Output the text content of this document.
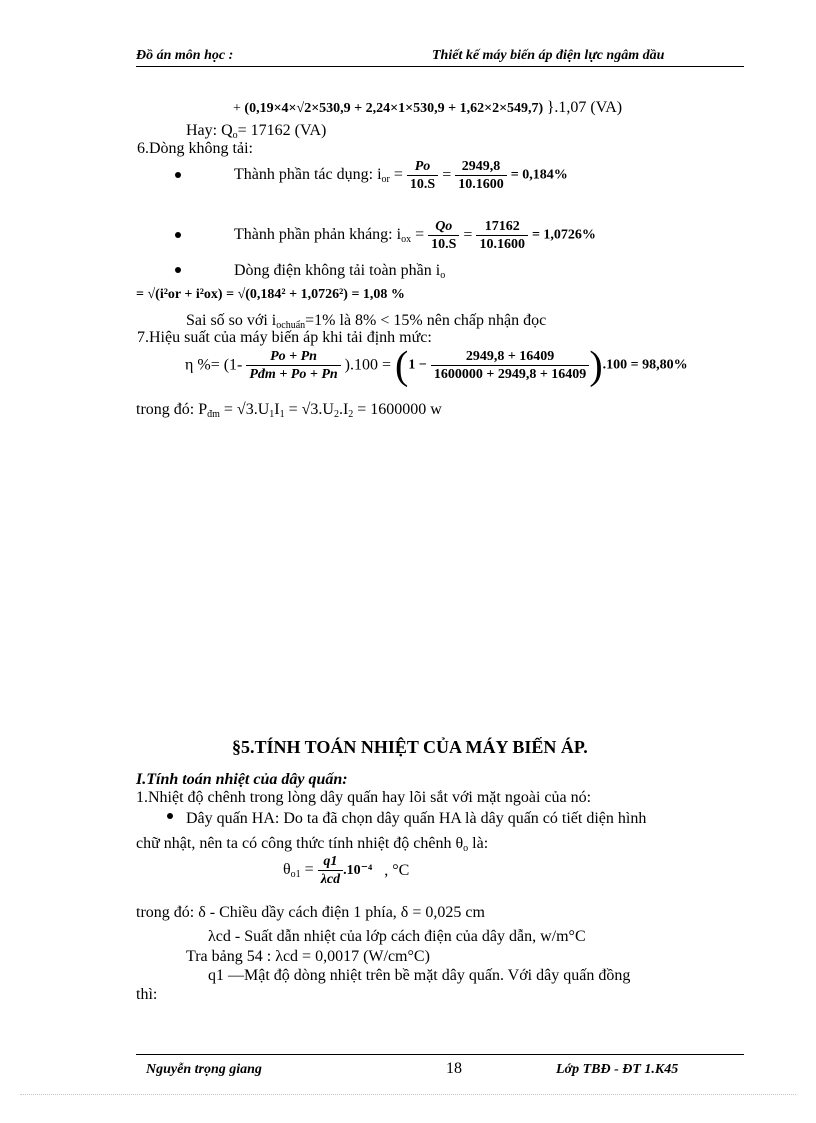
Đồ án môn học :	Thiết kế máy biến áp điện lực ngâm dầu
+ (0,19×4×√2×530,9 + 2,24×1×530,9 + 1,62×2×549,7) }.1,07 (VA)
Hay: $Q_o= 17162$ (VA)
6.Dòng không tải:
Thành phần tác dụng: $i_{or} = \frac{Po}{10.S} = \frac{2949,8}{10.1600} = 0,184\%$
Thành phần phản kháng: $i_{ox} = \frac{Qo}{10.S} = \frac{17162}{10.1600} = 1,0726\%$
Dòng điện không tải toàn phần $i_o$
= √(i²or + i²ox) = √(0,184² + 1,0726²) = 1,08 %
Sai số so với $i_{ochuẩn}=1\%$ là 8% < 15% nên chấp nhận đọc
7.Hiệu suất của máy biến áp khi tải định mức:
η %= $(1- \frac{Po + Pn}{\text{Pđm + Po + Pn}} ).100 = (1 - \frac{2949,8 + 16409}{1600000 + 2949,8 + 16409} ).100 = 98,80\%$
trong đó: $P_{đm} = √3.U_1I_1 = √3.U_2.I_2 = 1600000$ w
§5.TÍNH TOÁN NHIỆT CỦA MÁY BIẾN ÁP.
I.Tính toán nhiệt của dây quấn:
1.Nhiệt độ chênh trong lòng dây quấn hay lõi sắt với mặt ngoài của nó:
Dây quấn HA: Do ta đã chọn dây quấn HA là dây quấn có tiết diện hình
chữ nhật, nên ta có công thức tính nhiệt độ chênh $\theta_o$ là:
$\theta_{o1} = \frac{q1}{\text{λcd}} .10^{-4}$ , °C
trong đó: δ - Chiều dầy cách điện 1 phía, δ = 0,025 cm
λcd - Suất dẫn nhiệt của lớp cách điện của dây dẫn, w/m°C
Tra bảng 54 : λcd = 0,0017 (W/cm°C)
q1 —Mật độ dòng nhiệt trên bề mặt dây quấn. Với dây quấn đồng
thì:
Nguyễn trọng giang	18	Lớp TBĐ - ĐT 1.K45
